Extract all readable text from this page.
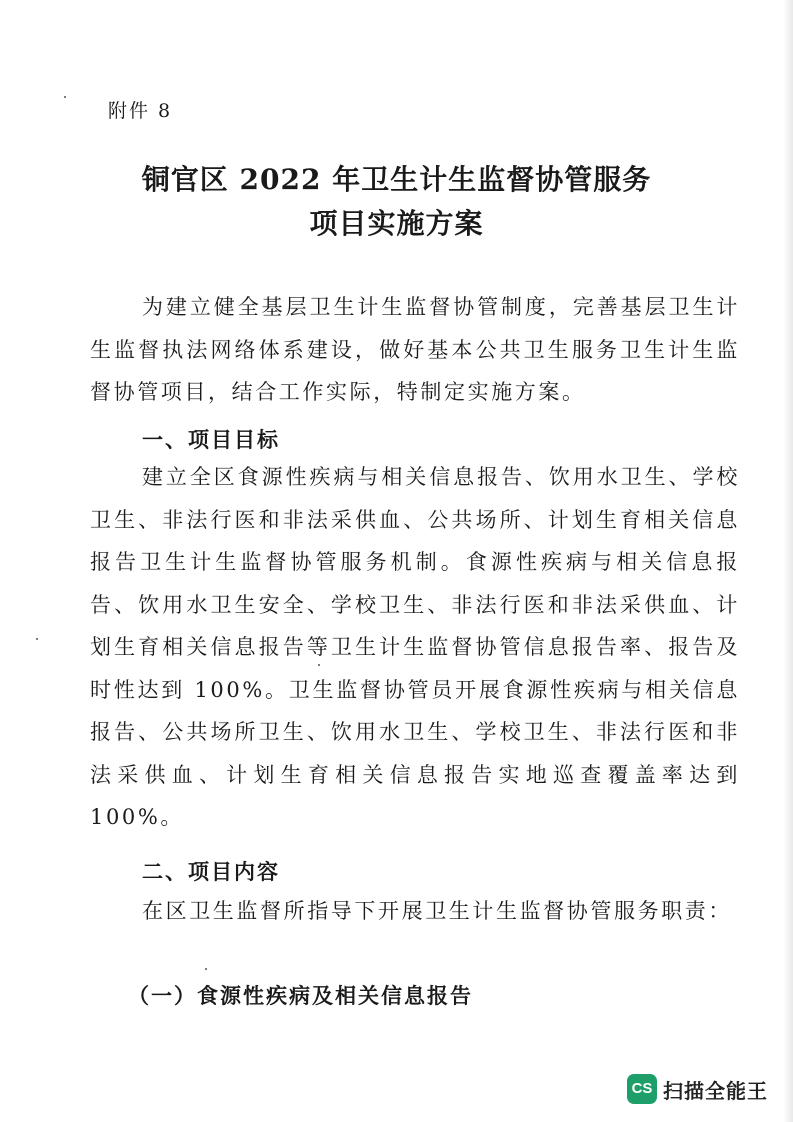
附件 8
铜官区 2022 年卫生计生监督协管服务
项目实施方案

为建立健全基层卫生计生监督协管制度，完善基层卫生计生监督执法网络体系建设，做好基本公共卫生服务卫生计生监督协管项目，结合工作实际，特制定实施方案。

一、项目目标

建立全区食源性疾病与相关信息报告、饮用水卫生、学校卫生、非法行医和非法采供血、公共场所、计划生育相关信息报告卫生计生监督协管服务机制。食源性疾病与相关信息报告、饮用水卫生安全、学校卫生、非法行医和非法采供血、计划生育相关信息报告等卫生计生监督协管信息报告率、报告及时性达到 100%。卫生监督协管员开展食源性疾病与相关信息报告、公共场所卫生、饮用水卫生、学校卫生、非法行医和非法采供血、计划生育相关信息报告实地巡查覆盖率达到 100%。

二、项目内容

在区卫生监督所指导下开展卫生计生监督协管服务职责：

（一）食源性疾病及相关信息报告
CS 扫描全能王
